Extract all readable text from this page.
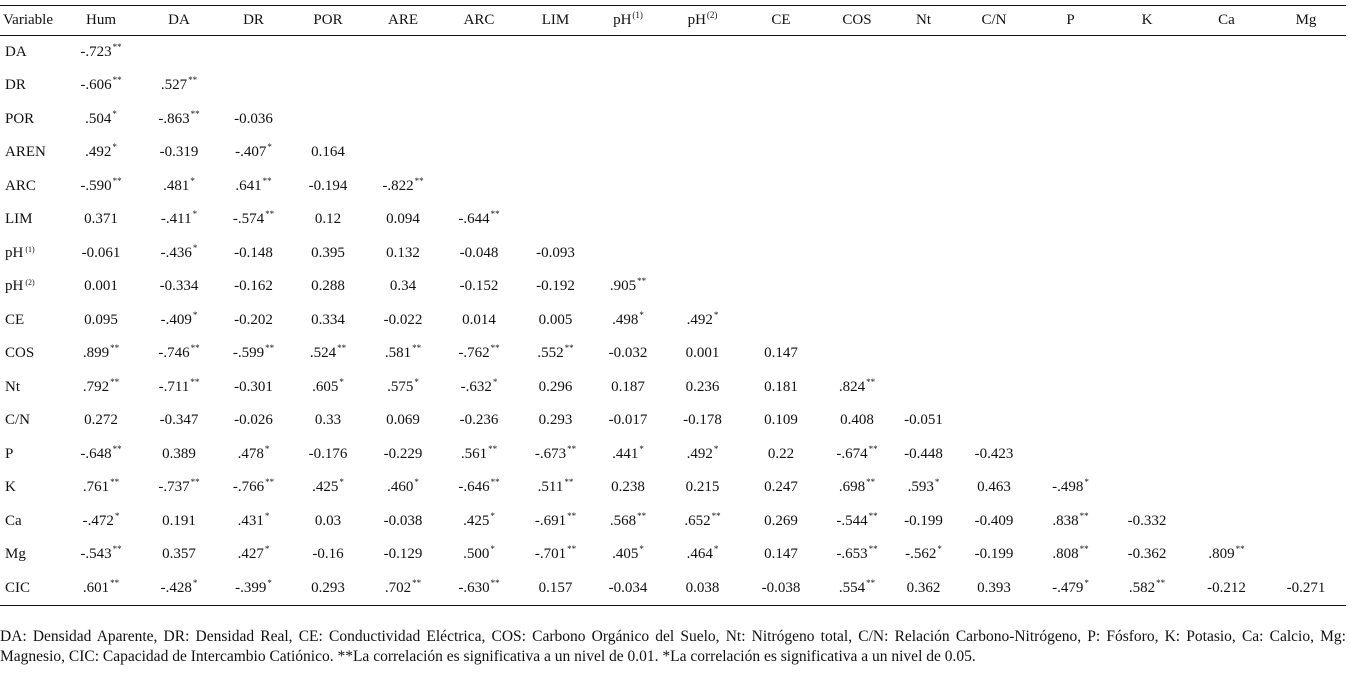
Variable	Hum	DA	DR	POR	ARE	ARC	LIM	$pH^{(1)}$	$pH^{(2)}$	CE	COS	Nt	C/N	P	K	Ca	Mg
DA	-.723**																
DR	-.606**	.527**															
POR	.504*	-.863**	-0.036														
AREN	.492*	-0.319	-.407*	0.164													
ARC	-.590**	.481*	.641**	-0.194	-.822**												
LIM	0.371	-.411*	-.574**	0.12	0.094	-.644**											
pH $^{(1)}$	-0.061	-.436*	-0.148	0.395	0.132	-0.048	-0.093										
pH $^{(2)}$	0.001	-0.334	-0.162	0.288	0.34	-0.152	-0.192	.905**									
CE	0.095	-.409*	-0.202	0.334	-0.022	0.014	0.005	.498*	.492*								
COS	.899**	-.746**	-.599**	.524**	.581**	-.762**	.552**	-0.032	0.001	0.147							
Nt	.792**	-.711**	-0.301	.605*	.575*	-.632*	0.296	0.187	0.236	0.181	.824**						
C/N	0.272	-0.347	-0.026	0.33	0.069	-0.236	0.293	-0.017	-0.178	0.109	0.408	-0.051					
P	-.648**	0.389	.478*	-0.176	-0.229	.561**	-.673**	.441*	.492*	0.22	-.674**	-0.448	-0.423				
K	.761**	-.737**	-.766**	.425*	.460*	-.646**	.511**	0.238	0.215	0.247	.698**	.593*	0.463	-.498*			
Ca	-.472*	0.191	.431*	0.03	-0.038	.425*	-.691**	.568**	.652**	0.269	-.544**	-0.199	-0.409	.838**	-0.332		
Mg	-.543**	0.357	.427*	-0.16	-0.129	.500*	-.701**	.405*	.464*	0.147	-.653**	-.562*	-0.199	.808**	-0.362	.809**	
CIC	.601**	-.428*	-.399*	0.293	.702**	-.630**	0.157	-0.034	0.038	-0.038	.554**	0.362	0.393	-.479*	.582**	-0.212	-0.271

DA: Densidad Aparente, DR: Densidad Real, CE: Conductividad Eléctrica, COS: Carbono Orgánico del Suelo, Nt: Nitrógeno total, C/N: Relación Carbono-Nitrógeno, P: Fósforo, K: Potasio, Ca: Calcio, Mg: Magnesio, CIC: Capacidad de Intercambio Catiónico. **La correlación es significativa a un nivel de 0.01. *La correlación es significativa a un nivel de 0.05.
